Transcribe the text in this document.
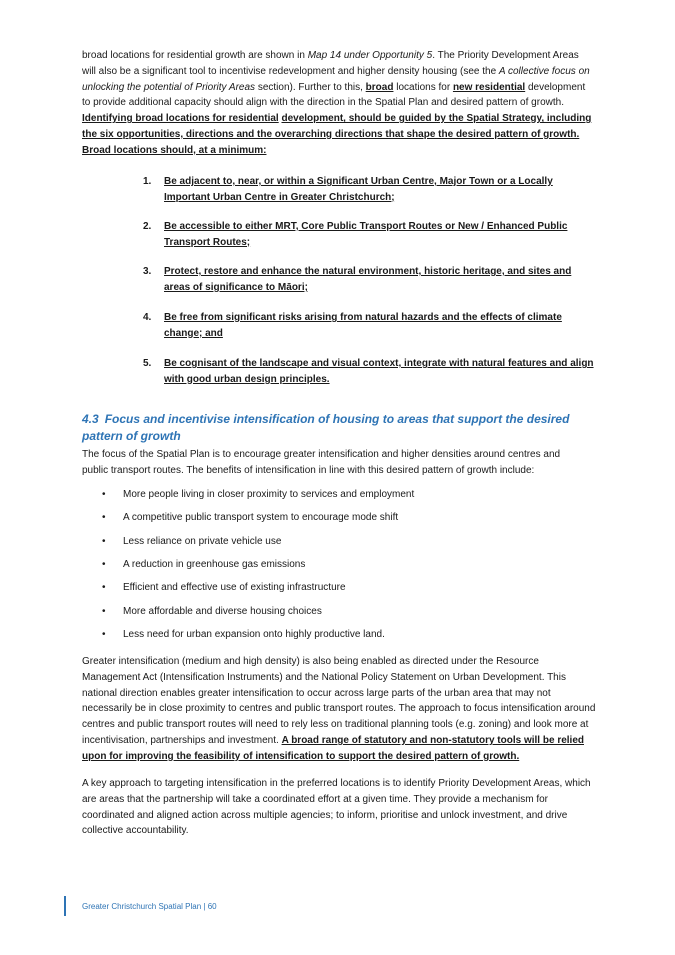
broad locations for residential growth are shown in Map 14 under Opportunity 5. The Priority Development Areas will also be a significant tool to incentivise redevelopment and higher density housing (see the A collective focus on unlocking the potential of Priority Areas section). Further to this, broad locations for new residential development to provide additional capacity should align with the direction in the Spatial Plan and desired pattern of growth. Identifying broad locations for residential development, should be guided by the Spatial Strategy, including the six opportunities, directions and the overarching directions that shape the desired pattern of growth. Broad locations should, at a minimum:

1.	Be adjacent to, near, or within a Significant Urban Centre, Major Town or a Locally Important Urban Centre in Greater Christchurch;
2.	Be accessible to either MRT, Core Public Transport Routes or New / Enhanced Public Transport Routes;
3.	Protect, restore and enhance the natural environment, historic heritage, and sites and areas of significance to Māori;
4.	Be free from significant risks arising from natural hazards and the effects of climate change; and
5.	Be cognisant of the landscape and visual context, integrate with natural features and align with good urban design principles.
4.3 Focus and incentivise intensification of housing to areas that support the desired pattern of growth

The focus of the Spatial Plan is to encourage greater intensification and higher densities around centres and public transport routes. The benefits of intensification in line with this desired pattern of growth include:

• More people living in closer proximity to services and employment
• A competitive public transport system to encourage mode shift
• Less reliance on private vehicle use
• A reduction in greenhouse gas emissions
• Efficient and effective use of existing infrastructure
• More affordable and diverse housing choices
• Less need for urban expansion onto highly productive land.

Greater intensification (medium and high density) is also being enabled as directed under the Resource Management Act (Intensification Instruments) and the National Policy Statement on Urban Development. This national direction enables greater intensification to occur across large parts of the urban area that may not necessarily be in close proximity to centres and public transport routes. The approach to focus intensification around centres and public transport routes will need to rely less on traditional planning tools (e.g. zoning) and look more at incentivisation, partnerships and investment. A broad range of statutory and non-statutory tools will be relied upon for improving the feasibility of intensification to support the desired pattern of growth.

A key approach to targeting intensification in the preferred locations is to identify Priority Development Areas, which are areas that the partnership will take a coordinated effort at a given time. They provide a mechanism for coordinated and aligned action across multiple agencies; to inform, prioritise and unlock investment, and drive collective accountability.

Greater Christchurch Spatial Plan | 60
